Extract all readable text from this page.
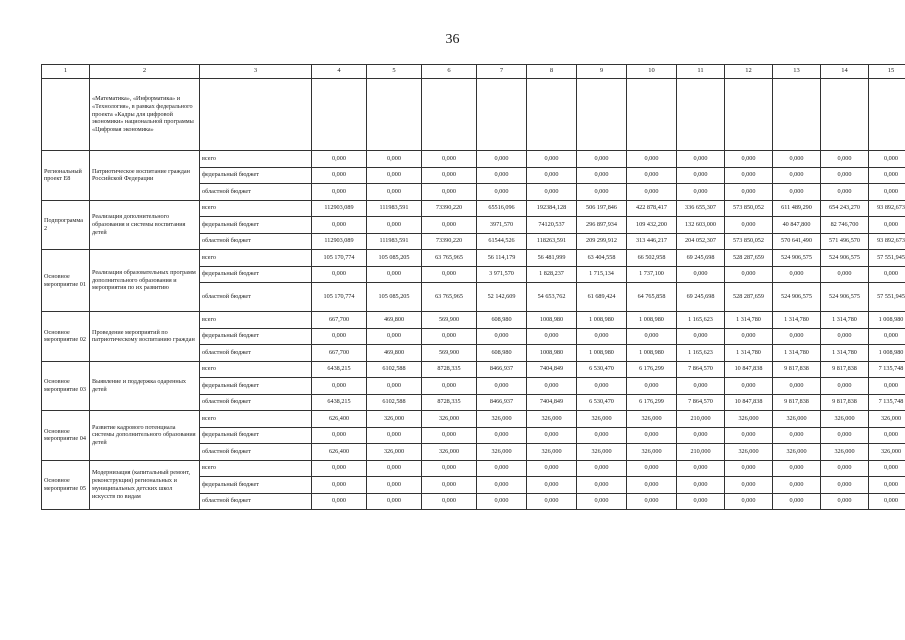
36
1	2	3	4	5	6	7	8	9	10	11	12	13	14	15
	«Математика», «Информатика» и «Технология», в рамках федерального проекта «Кадры для цифровой экономики» национальной программы «Цифровая экономика»													
Региональный проект Е8	Патриотическое воспитание граждан Российской Федерации	всего	0,000	0,000	0,000	0,000	0,000	0,000	0,000	0,000	0,000	0,000	0,000	0,000
		федеральный бюджет	0,000	0,000	0,000	0,000	0,000	0,000	0,000	0,000	0,000	0,000	0,000	0,000
		областной бюджет	0,000	0,000	0,000	0,000	0,000	0,000	0,000	0,000	0,000	0,000	0,000	0,000
Подпрограмма 2	Реализация дополнительного образования и системы воспитания детей	всего	112903,089	111983,591	73390,220	65516,096	192384,128	506 197,846	422 878,417	336 655,307	573 850,052	611 489,290	654 243,270	93 892,673
		федеральный бюджет	0,000	0,000	0,000	3971,570	74120,537	296 897,934	109 432,200	132 603,000	0,000	40 847,800	82 746,700	0,000
		областной бюджет	112903,089	111983,591	73390,220	61544,526	118263,591	209 299,912	313 446,217	204 052,307	573 850,052	570 641,490	571 496,570	93 892,673
Основное мероприятие 01	Реализация образовательных программ дополнительного образования и мероприятия по их развитию	всего	105 170,774	105 085,205	63 765,965	56 114,179	56 481,999	63 404,558	66 502,958	69 245,698	528 287,659	524 906,575	524 906,575	57 551,945
		федеральный бюджет	0,000	0,000	0,000	3 971,570	1 828,237	1 715,134	1 737,100	0,000	0,000	0,000	0,000	0,000
		областной бюджет	105 170,774	105 085,205	63 765,965	52 142,609	54 653,762	61 689,424	64 765,858	69 245,698	528 287,659	524 906,575	524 906,575	57 551,945
Основное мероприятие 02	Проведение мероприятий по патриотическому воспитанию граждан	всего	667,700	469,800	569,900	608,980	1008,980	1 008,980	1 008,980	1 165,623	1 314,780	1 314,780	1 314,780	1 008,980
		федеральный бюджет	0,000	0,000	0,000	0,000	0,000	0,000	0,000	0,000	0,000	0,000	0,000	0,000
		областной бюджет	667,700	469,800	569,900	608,980	1008,980	1 008,980	1 008,980	1 165,623	1 314,780	1 314,780	1 314,780	1 008,980
Основное мероприятие 03	Выявление и поддержка одаренных детей	всего	6438,215	6102,588	8728,335	8466,937	7404,849	6 530,470	6 176,299	7 864,570	10 847,838	9 817,838	9 817,838	7 135,748
		федеральный бюджет	0,000	0,000	0,000	0,000	0,000	0,000	0,000	0,000	0,000	0,000	0,000	0,000
		областной бюджет	6438,215	6102,588	8728,335	8466,937	7404,849	6 530,470	6 176,299	7 864,570	10 847,838	9 817,838	9 817,838	7 135,748
Основное мероприятие 04	Развитие кадрового потенциала системы дополнительного образования детей	всего	626,400	326,000	326,000	326,000	326,000	326,000	326,000	210,000	326,000	326,000	326,000	326,000
		федеральный бюджет	0,000	0,000	0,000	0,000	0,000	0,000	0,000	0,000	0,000	0,000	0,000	0,000
		областной бюджет	626,400	326,000	326,000	326,000	326,000	326,000	326,000	210,000	326,000	326,000	326,000	326,000
Основное мероприятие 05	Модернизация (капитальный ремонт, реконструкция) региональных и муниципальных детских школ искусств по видам	всего	0,000	0,000	0,000	0,000	0,000	0,000	0,000	0,000	0,000	0,000	0,000	0,000
		федеральный бюджет	0,000	0,000	0,000	0,000	0,000	0,000	0,000	0,000	0,000	0,000	0,000	0,000
		областной бюджет	0,000	0,000	0,000	0,000	0,000	0,000	0,000	0,000	0,000	0,000	0,000	0,000
